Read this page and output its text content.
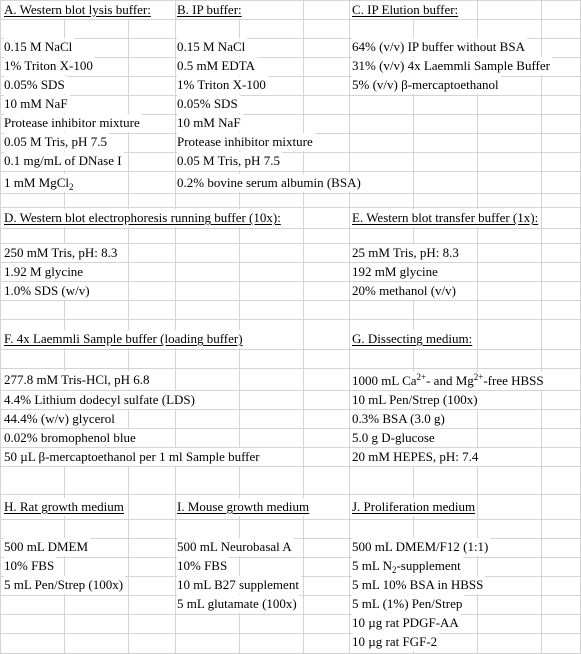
A. Western blot lysis buffer:
0.15 M NaCl
1% Triton X-100
0.05% SDS
10 mM NaF
Protease inhibitor mixture
0.05 M Tris, pH 7.5
0.1 mg/mL of DNase I
1 mM MgCl$_2$
B. IP buffer:
0.15 M NaCl
0.5 mM EDTA
1% Triton X-100
0.05% SDS
10 mM NaF
Protease inhibitor mixture
0.05 M Tris, pH 7.5
0.2% bovine serum albumin (BSA)
C. IP Elution buffer:
64% (v/v) IP buffer without BSA
31% (v/v) 4x Laemmli Sample Buffer
5% (v/v) β-mercaptoethanol
D. Western blot electrophoresis running buffer (10x):
250 mM Tris, pH: 8.3
1.92 M glycine
1.0% SDS (w/v)
E. Western blot transfer buffer (1x):
25 mM Tris, pH: 8.3
192 mM glycine
20% methanol (v/v)
F. 4x Laemmli Sample buffer (loading buffer)
277.8 mM Tris-HCl, pH 6.8
4.4% Lithium dodecyl sulfate (LDS)
44.4% (w/v) glycerol
0.02% bromophenol blue
50 µL β-mercaptoethanol per 1 ml Sample buffer
G. Dissecting medium:
1000 mL $Ca^{2+}-$ and $Mg^{2+}$-free HBSS
10 mL Pen/Strep (100x)
0.3% BSA (3.0 g)
5.0 g D-glucose
20 mM HEPES, pH: 7.4
H. Rat growth medium
500 mL DMEM
10% FBS
5 mL Pen/Strep (100x)
I. Mouse growth medium
500 mL Neurobasal A
10% FBS
10 mL B27 supplement
5 mL glutamate (100x)
J. Proliferation medium
500 mL DMEM/F12 (1:1)
5 mL $N_2$-supplement
5 mL 10% BSA in HBSS
5 mL (1%) Pen/Strep
10 µg rat PDGF-AA
10 µg rat FGF-2
